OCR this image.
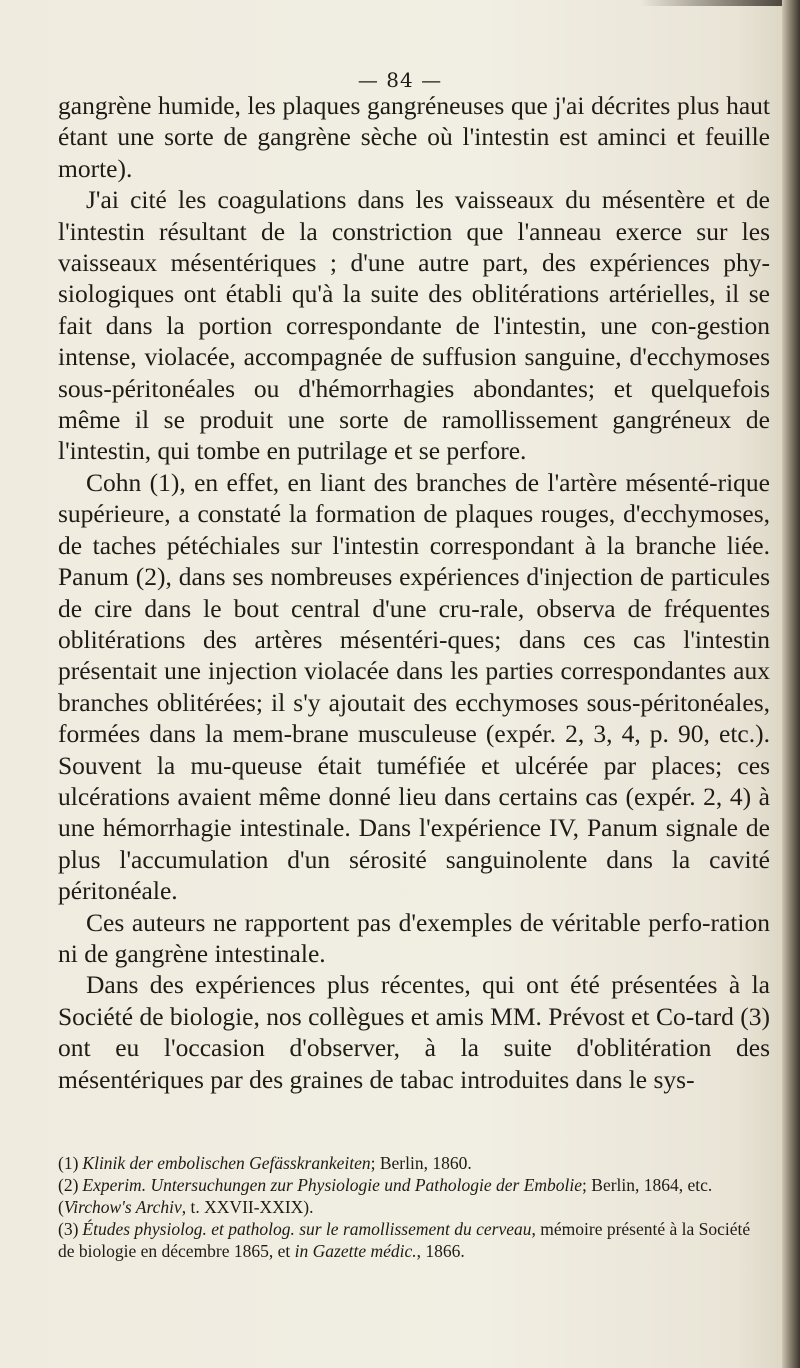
— 84 —

gangrène humide, les plaques gangréneuses que j'ai décrites plus haut étant une sorte de gangrène sèche où l'intestin est aminci et feuille morte).

J'ai cité les coagulations dans les vaisseaux du mésentère et de l'intestin résultant de la constriction que l'anneau exerce sur les vaisseaux mésentériques ; d'une autre part, des expériences phy-siologiques ont établi qu'à la suite des oblitérations artérielles, il se fait dans la portion correspondante de l'intestin, une con-gestion intense, violacée, accompagnée de suffusion sanguine, d'ecchymoses sous-péritonéales ou d'hémorrhagies abondantes; et quelquefois même il se produit une sorte de ramollissement gangréneux de l'intestin, qui tombe en putrilage et se perfore.

Cohn (1), en effet, en liant des branches de l'artère mésenté-rique supérieure, a constaté la formation de plaques rouges, d'ecchymoses, de taches pétéchiales sur l'intestin correspondant à la branche liée. Panum (2), dans ses nombreuses expériences d'injection de particules de cire dans le bout central d'une cru-rale, observa de fréquentes oblitérations des artères mésentéri-ques; dans ces cas l'intestin présentait une injection violacée dans les parties correspondantes aux branches oblitérées; il s'y ajoutait des ecchymoses sous-péritonéales, formées dans la mem-brane musculeuse (expér. 2, 3, 4, p. 90, etc.). Souvent la mu-queuse était tuméfiée et ulcérée par places; ces ulcérations avaient même donné lieu dans certains cas (expér. 2, 4) à une hémorrhagie intestinale. Dans l'expérience IV, Panum signale de plus l'accumulation d'un sérosité sanguinolente dans la cavité péritonéale.

Ces auteurs ne rapportent pas d'exemples de véritable perfo-ration ni de gangrène intestinale.

Dans des expériences plus récentes, qui ont été présentées à la Société de biologie, nos collègues et amis MM. Prévost et Co-tard (3) ont eu l'occasion d'observer, à la suite d'oblitération des mésentériques par des graines de tabac introduites dans le sys-

(1) Klinik der embolischen Gefässkrankeiten; Berlin, 1860.

(2) Experim. Untersuchungen zur Physiologie und Pathologie der Embolie; Berlin, 1864, etc. (Virchow's Archiv, t. XXVII-XXIX).

(3) Études physiolog. et patholog. sur le ramollissement du cerveau, mémoire présenté à la Société de biologie en décembre 1865, et in Gazette médic., 1866.
